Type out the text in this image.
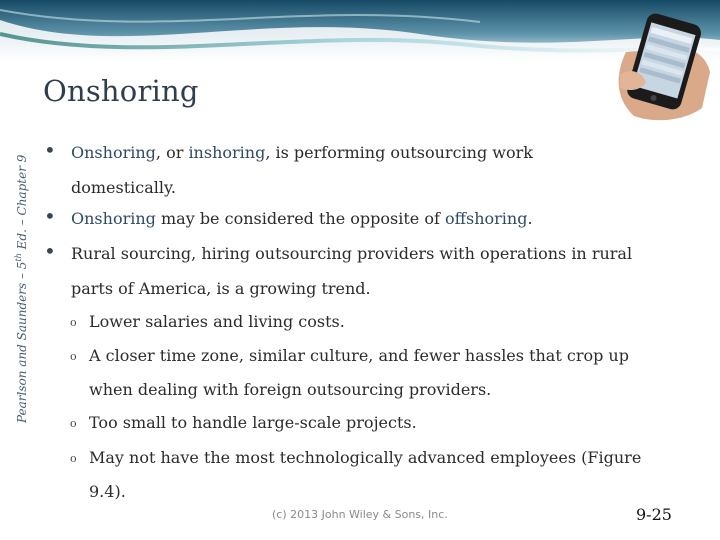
Onshoring
Pearlson and Saunders – 5th Ed. – Chapter 9
• Onshoring, or inshoring, is performing outsourcing work
domestically.
• Onshoring may be considered the opposite of offshoring.
• Rural sourcing, hiring outsourcing providers with operations in rural
parts of America, is a growing trend.
o Lower salaries and living costs.
o A closer time zone, similar culture, and fewer hassles that crop up
when dealing with foreign outsourcing providers.
o Too small to handle large-scale projects.
o May not have the most technologically advanced employees (Figure
9.4).
(c) 2013 John Wiley & Sons, Inc.	9-25
